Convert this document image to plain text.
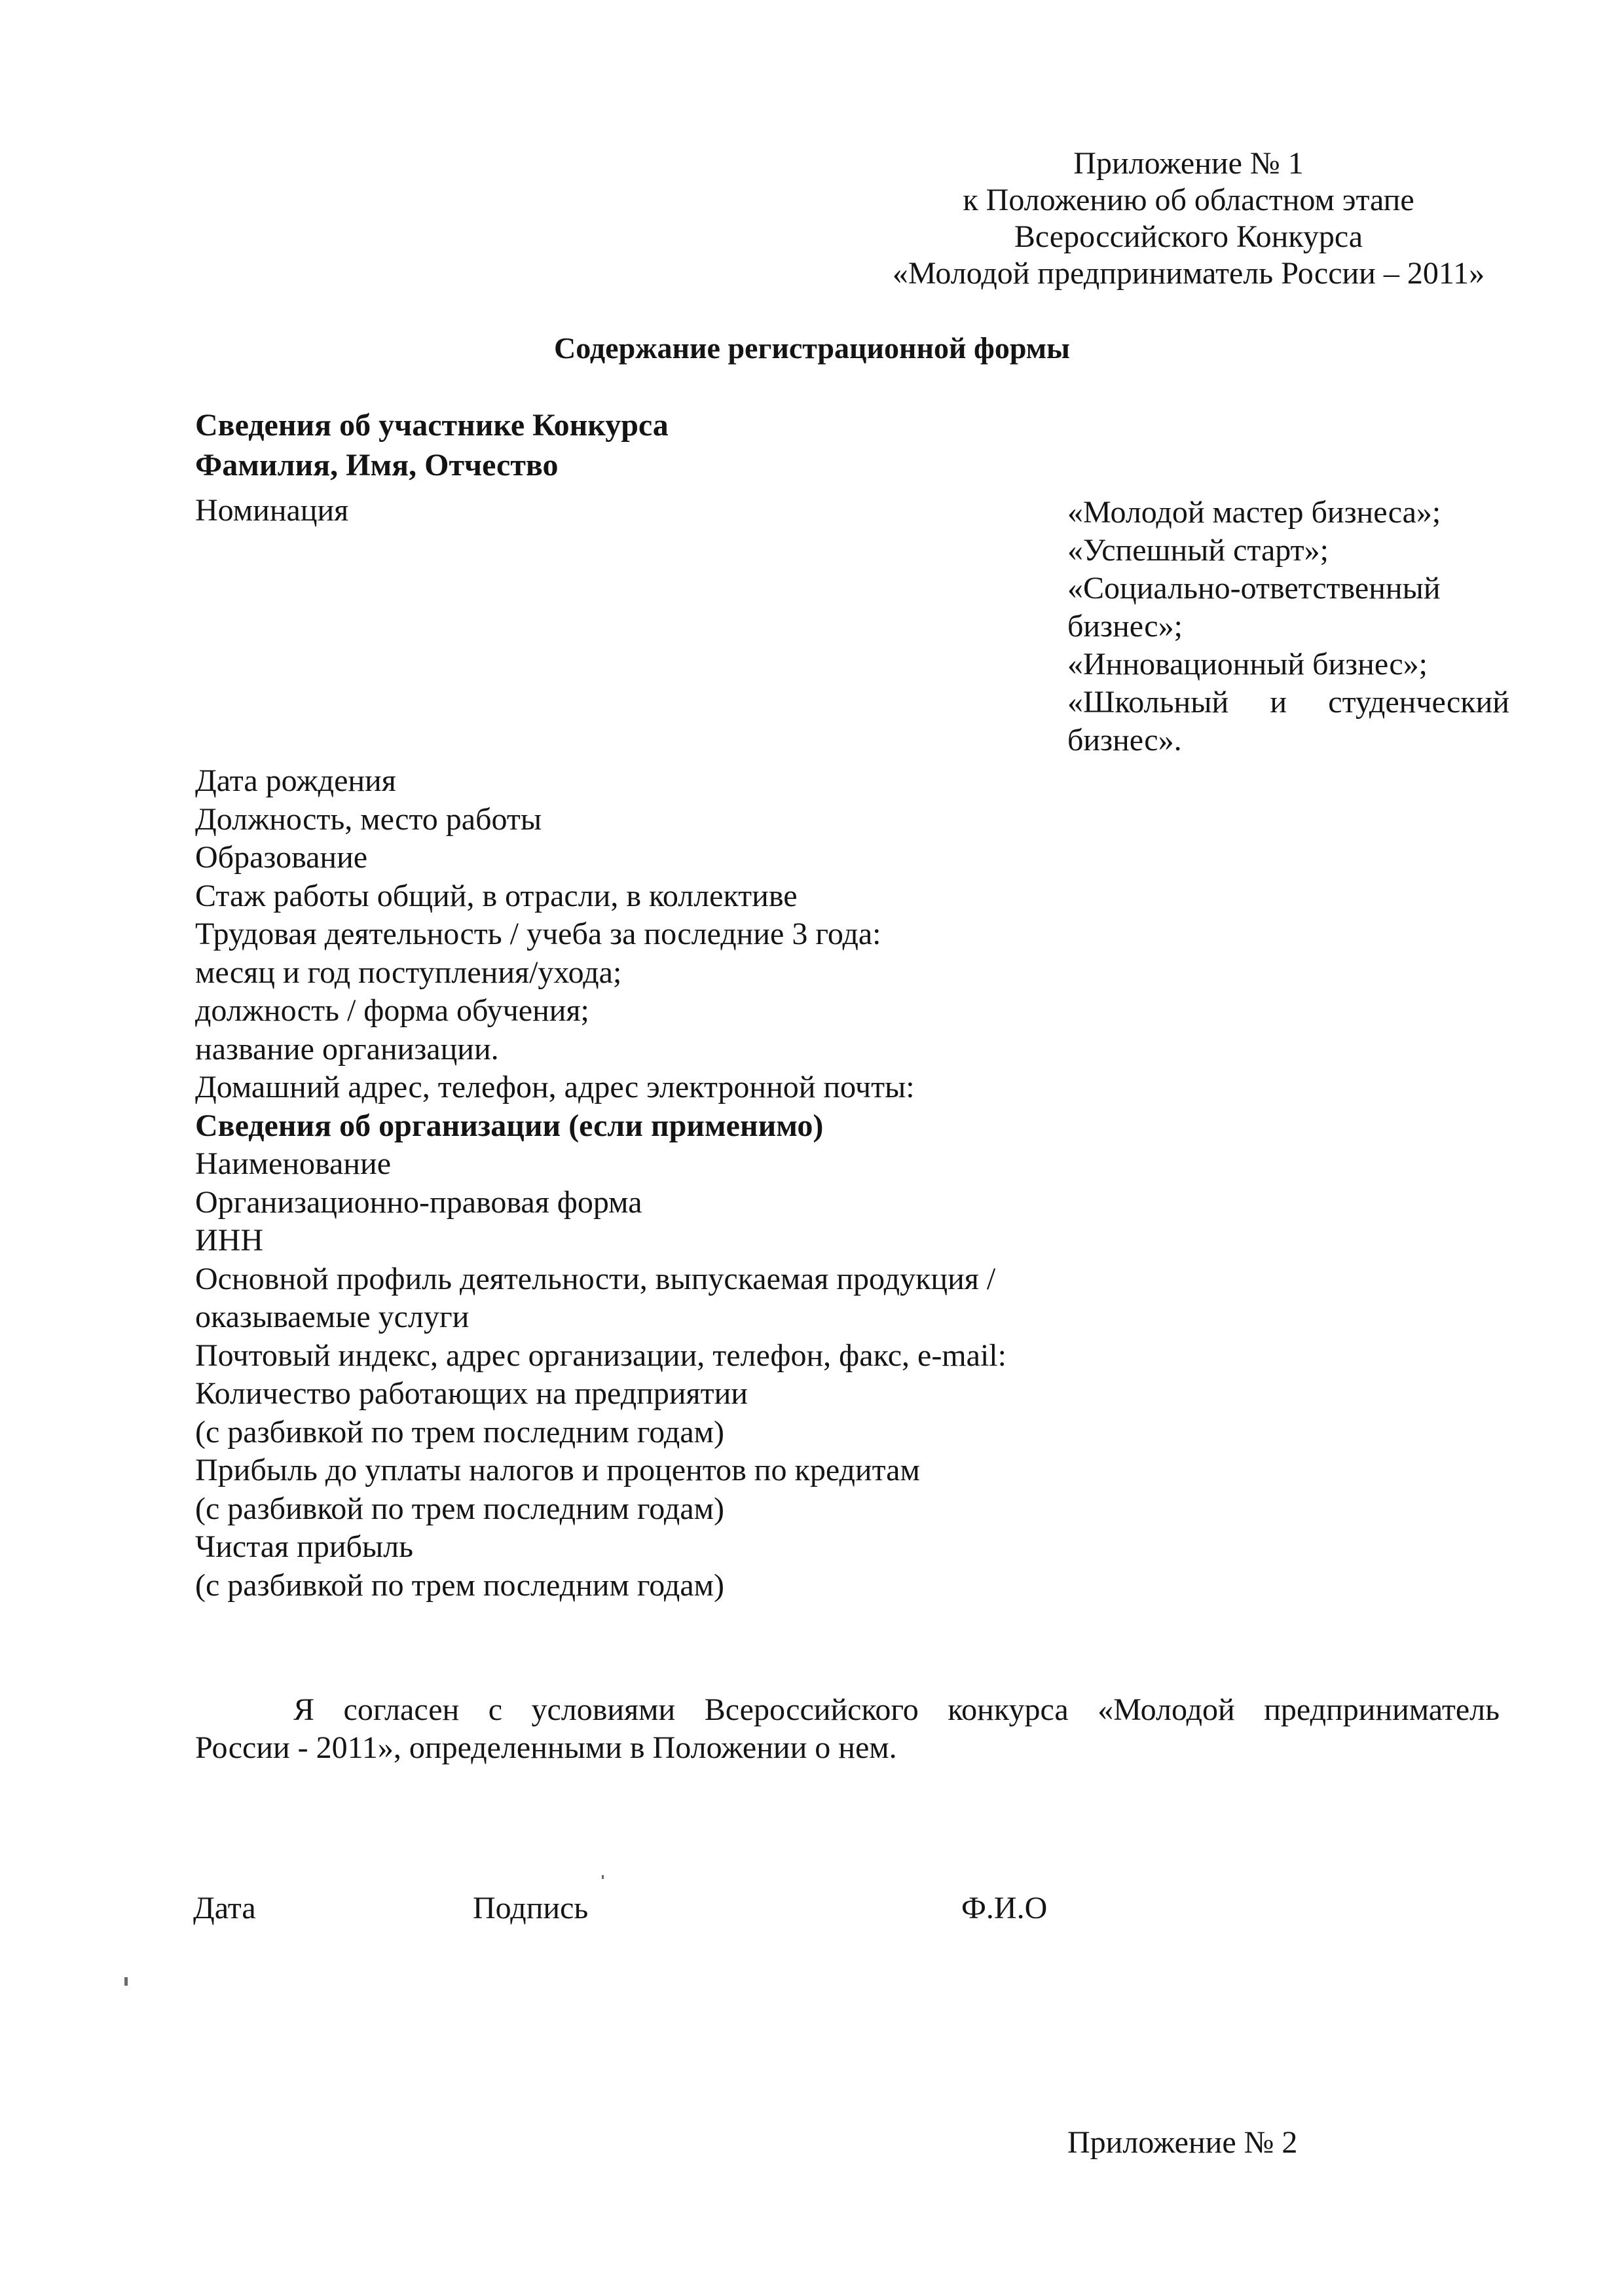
Приложение № 1
к Положению об областном этапе
Всероссийского Конкурса
«Молодой предприниматель России – 2011»
Содержание регистрационной формы
Сведения об участнике Конкурса
Фамилия, Имя, Отчество
Номинация	«Молодой мастер бизнеса»;
«Успешный старт»;
«Социально-ответственный
бизнес»;
«Инновационный бизнес»;
«Школьный и студенческий
бизнес».
Дата рождения
Должность, место работы
Образование
Стаж работы общий, в отрасли, в коллективе
Трудовая деятельность / учеба за последние 3 года:
месяц и год поступления/ухода;
должность / форма обучения;
название организации.
Домашний адрес, телефон, адрес электронной почты:
Сведения об организации (если применимо)
Наименование
Организационно-правовая форма
ИНН
Основной профиль деятельности, выпускаемая продукция /
оказываемые услуги
Почтовый индекс, адрес организации, телефон, факс, e-mail:
Количество работающих на предприятии
(с разбивкой по трем последним годам)
Прибыль до уплаты налогов и процентов по кредитам
(с разбивкой по трем последним годам)
Чистая прибыль
(с разбивкой по трем последним годам)
Я согласен с условиями Всероссийского конкурса «Молодой предприниматель
России - 2011», определенными в Положении о нем.
Дата	Подпись	Ф.И.О
Приложение № 2
